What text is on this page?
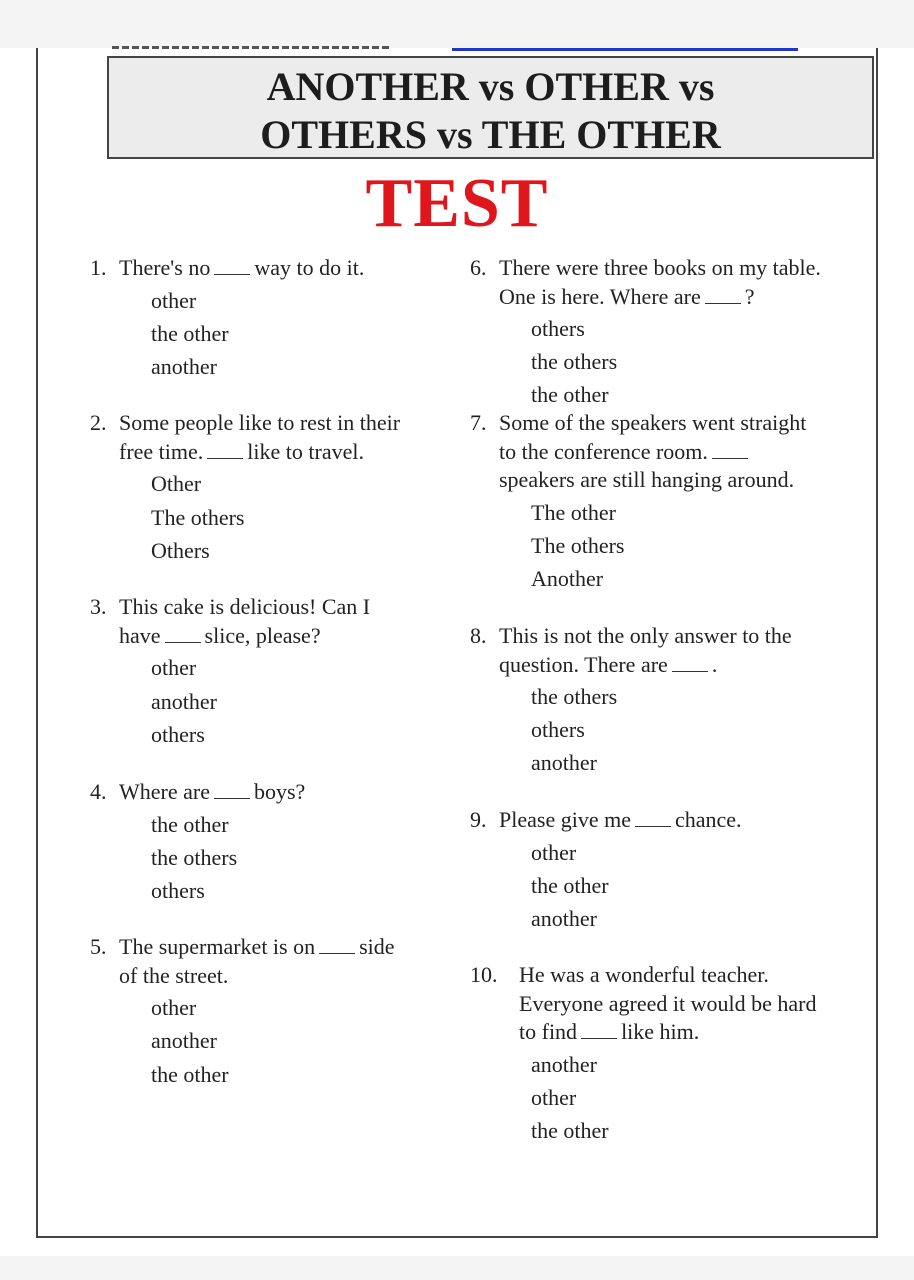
ANOTHER vs OTHER vs
OTHERS vs THE OTHER
TEST
1. There's no way to do it.
other
the other
another
2. Some people like to rest in their
free time. like to travel.
Other
The others
Others
3. This cake is delicious! Can I
have slice, please?
other
another
others
4. Where are boys?
the other
the others
others
5. The supermarket is on side
of the street.
other
another
the other
6. There were three books on my table.
One is here. Where are ?
others
the others
the other
7. Some of the speakers went straight
to the conference room.
speakers are still hanging around.
The other
The others
Another
8. This is not the only answer to the
question. There are .
the others
others
another
9. Please give me chance.
other
the other
another
10. He was a wonderful teacher.
Everyone agreed it would be hard
to find like him.
another
other
the other
